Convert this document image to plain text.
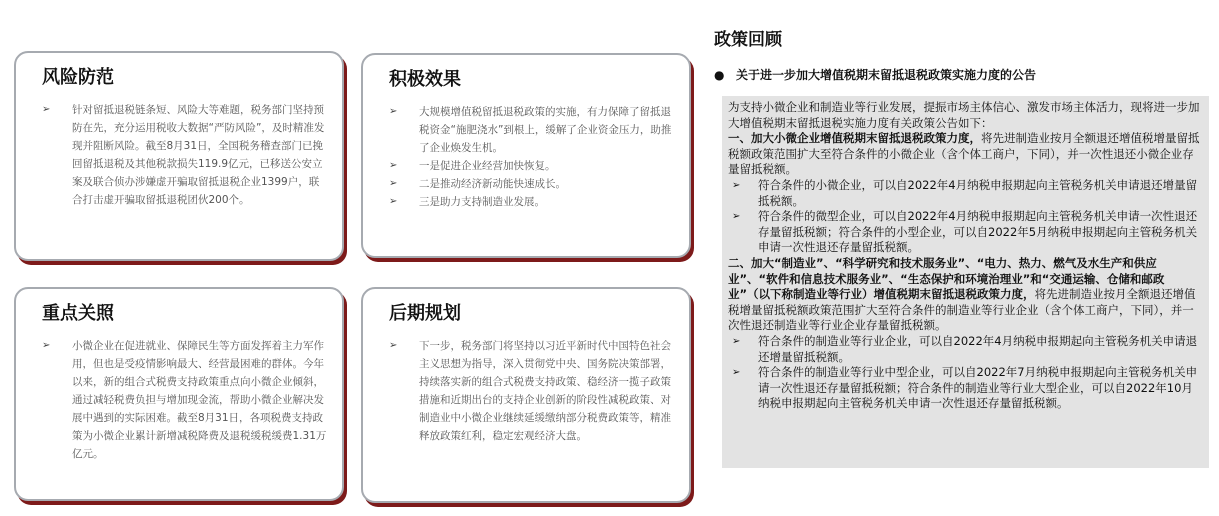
风险防范
➢ 针对留抵退税链条短、风险大等难题，税务部门坚持预防在先，充分运用税收大数据“严防风险”，及时精准发现并阻断风险。截至8月31日，全国税务稽查部门已挽回留抵退税及其他税款损失119.9亿元，已移送公安立案及联合侦办涉嫌虚开骗取留抵退税企业1399户，联合打击虚开骗取留抵退税团伙200个。
积极效果
➢ 大规模增值税留抵退税政策的实施，有力保障了留抵退税资金“施肥浇水”到根上，缓解了企业资金压力，助推了企业焕发生机。
➢ 一是促进企业经营加快恢复。
➢ 二是推动经济新动能快速成长。
➢ 三是助力支持制造业发展。
重点关照
➢ 小微企业在促进就业、保障民生等方面发挥着主力军作用，但也是受疫情影响最大、经营最困难的群体。今年以来，新的组合式税费支持政策重点向小微企业倾斜，通过减轻税费负担与增加现金流，帮助小微企业解决发展中遇到的实际困难。截至8月31日，各项税费支持政策为小微企业累计新增减税降费及退税缓税缓费1.31万亿元。
后期规划
➢ 下一步，税务部门将坚持以习近平新时代中国特色社会主义思想为指导，深入贯彻党中央、国务院决策部署，持续落实新的组合式税费支持政策、稳经济一揽子政策措施和近期出台的支持企业创新的阶段性减税政策、对制造业中小微企业继续延缓缴纳部分税费政策等，精准释放政策红利，稳定宏观经济大盘。
政策回顾
● 关于进一步加大增值税期末留抵退税政策实施力度的公告

为支持小微企业和制造业等行业发展，提振市场主体信心、激发市场主体活力，现将进一步加大增值税期末留抵退税实施力度有关政策公告如下：

一、加大小微企业增值税期末留抵退税政策力度，将先进制造业按月全额退还增值税增量留抵税额政策范围扩大至符合条件的小微企业（含个体工商户，下同），并一次性退还小微企业存量留抵税额。

➢ 符合条件的小微企业，可以自2022年4月纳税申报期起向主管税务机关申请退还增量留抵税额。

➢ 符合条件的微型企业，可以自2022年4月纳税申报期起向主管税务机关申请一次性退还存量留抵税额；符合条件的小型企业，可以自2022年5月纳税申报期起向主管税务机关申请一次性退还存量留抵税额。

二、加大“制造业”、“科学研究和技术服务业”、“电力、热力、燃气及水生产和供应业”、“软件和信息技术服务业”、“生态保护和环境治理业”和“交通运输、仓储和邮政业”（以下称制造业等行业）增值税期末留抵退税政策力度，将先进制造业按月全额退还增值税增量留抵税额政策范围扩大至符合条件的制造业等行业企业（含个体工商户，下同），并一次性退还制造业等行业企业存量留抵税额。

➢ 符合条件的制造业等行业企业，可以自2022年4月纳税申报期起向主管税务机关申请退还增量留抵税额。

➢ 符合条件的制造业等行业中型企业，可以自2022年7月纳税申报期起向主管税务机关申请一次性退还存量留抵税额；符合条件的制造业等行业大型企业，可以自2022年10月纳税申报期起向主管税务机关申请一次性退还存量留抵税额。
